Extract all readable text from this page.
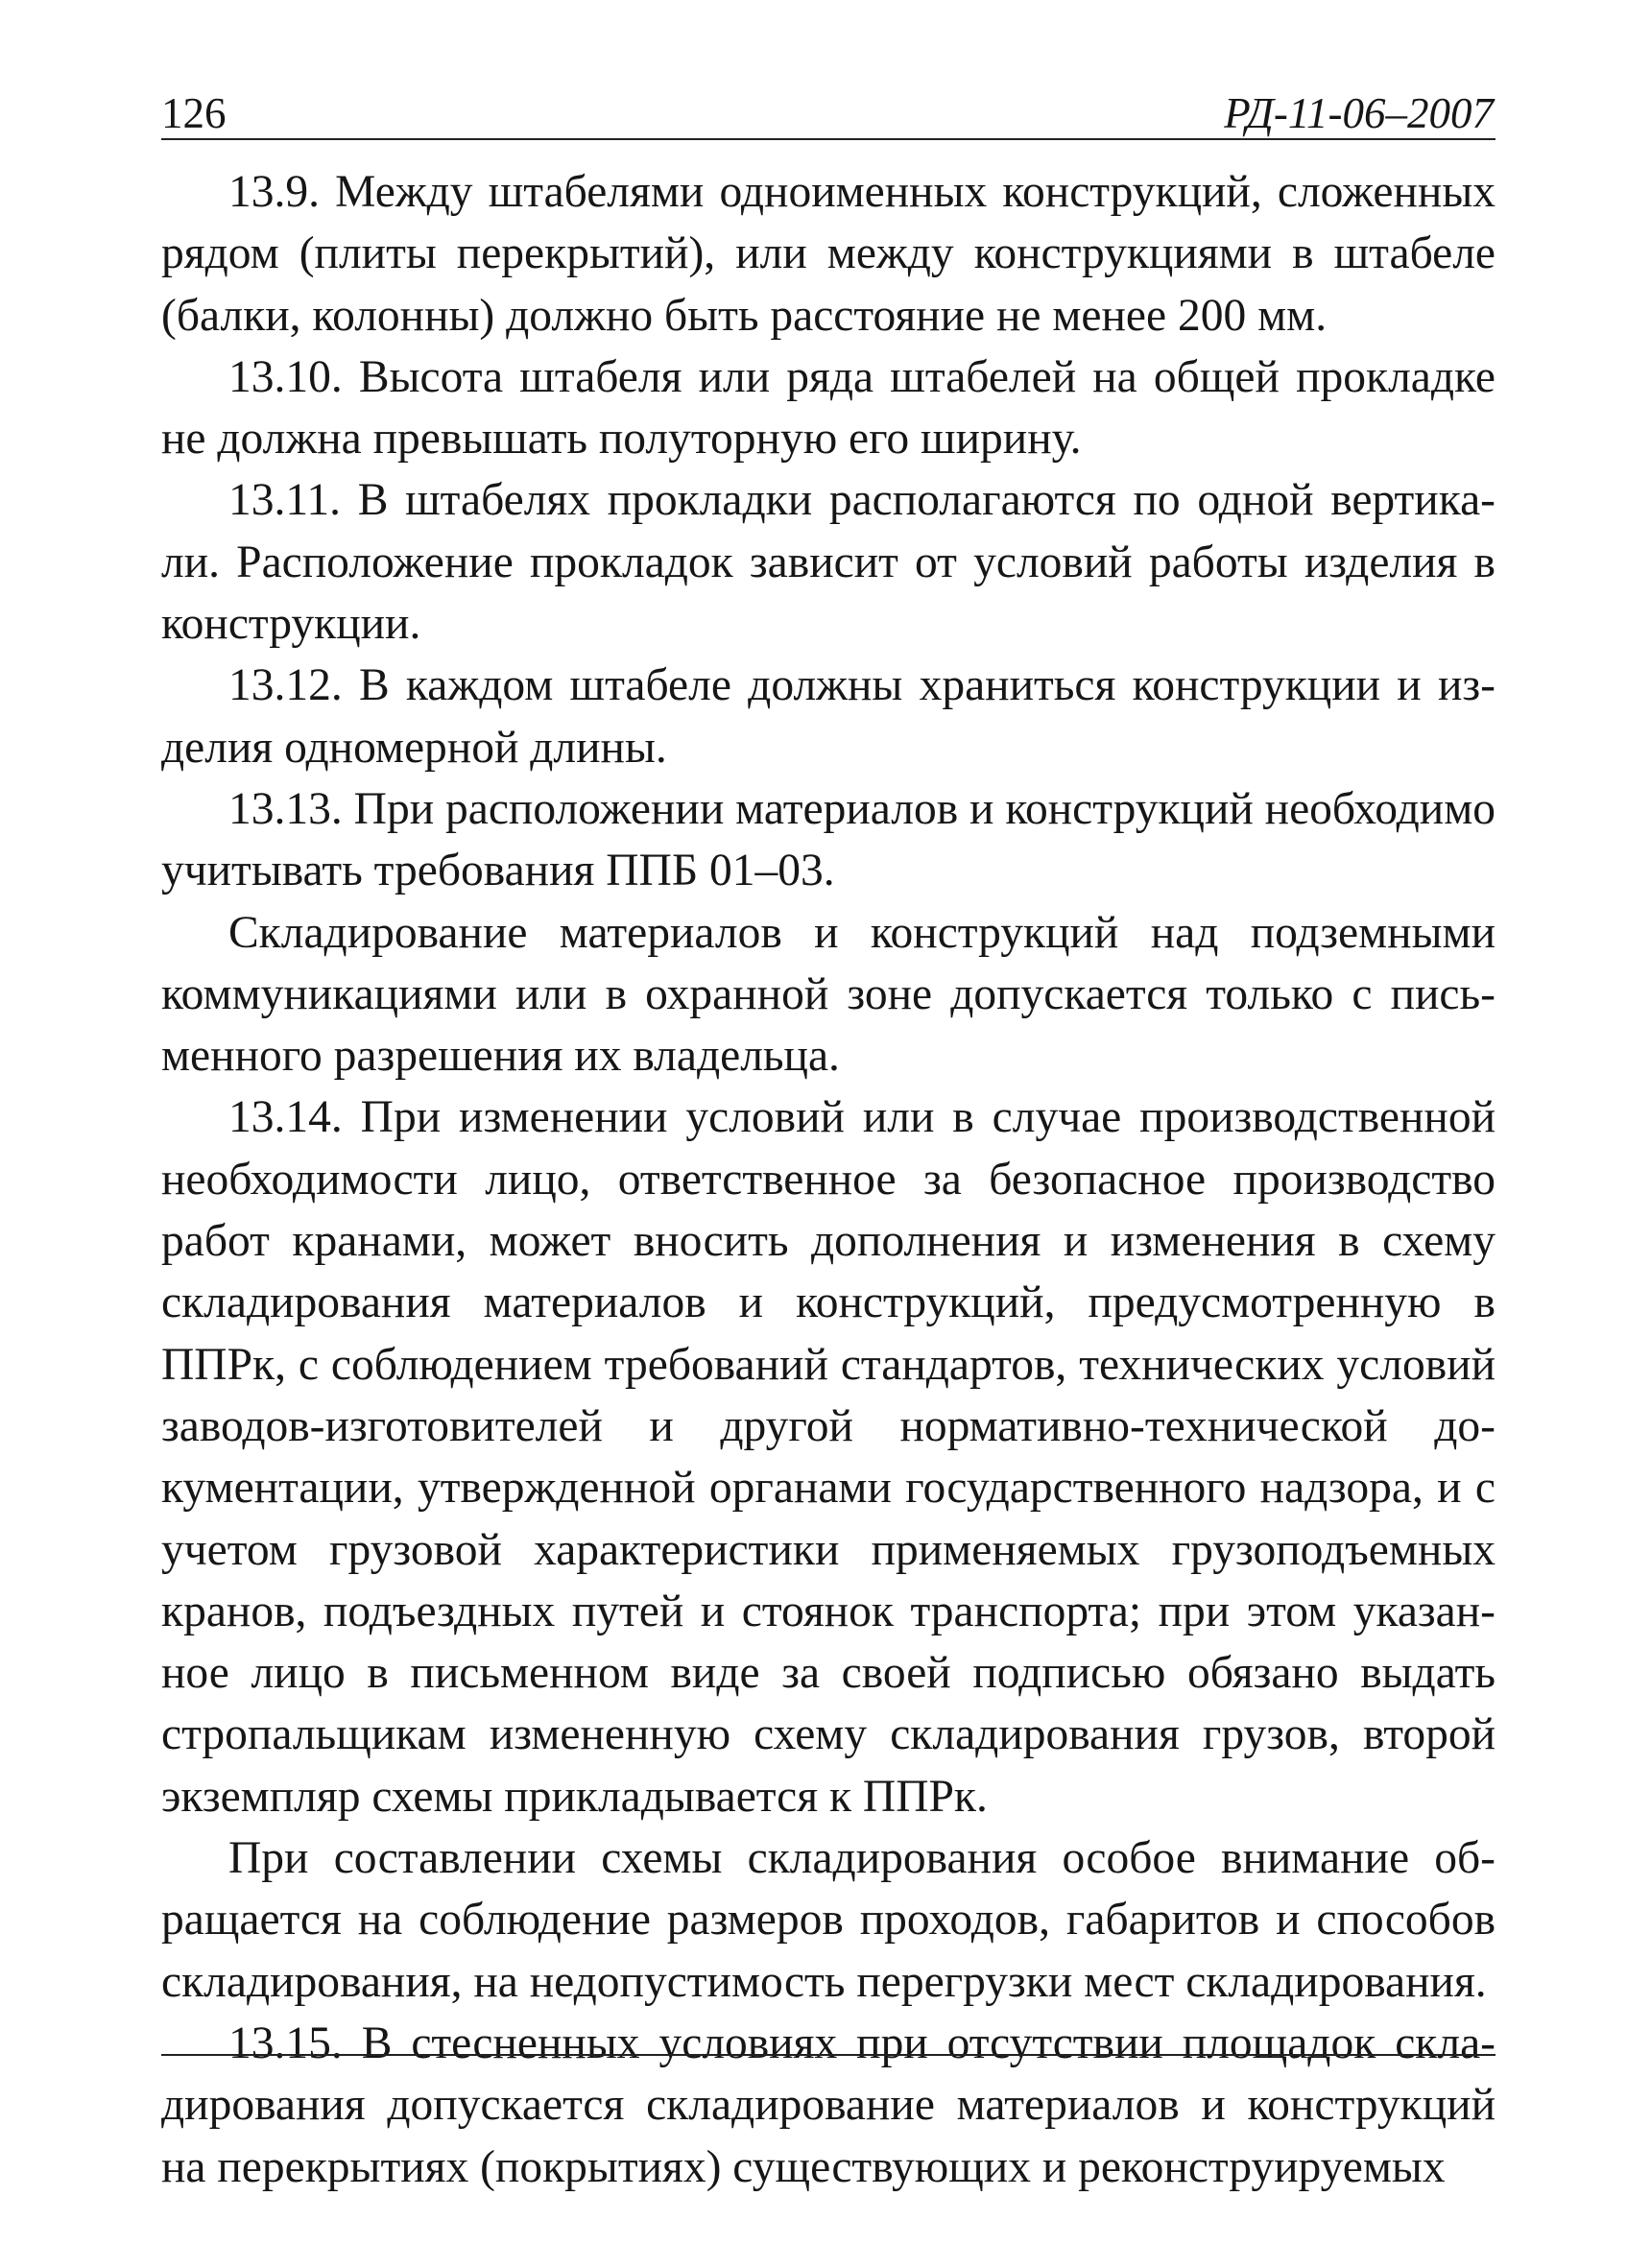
126	РД-11-06–2007

13.9. Между штабелями одноименных конструкций, сложенных рядом (плиты перекрытий), или между конструкциями в штабеле (балки, колонны) должно быть расстояние не менее 200 мм.

13.10. Высота штабеля или ряда штабелей на общей прокладке не должна превышать полуторную его ширину.

13.11. В штабелях прокладки располагаются по одной вертикали. Расположение прокладок зависит от условий работы изделия в конструкции.

13.12. В каждом штабеле должны храниться конструкции и изделия одномерной длины.

13.13. При расположении материалов и конструкций необходимо учитывать требования ППБ 01–03.

Складирование материалов и конструкций над подземными коммуникациями или в охранной зоне допускается только с письменного разрешения их владельца.

13.14. При изменении условий или в случае производственной необходимости лицо, ответственное за безопасное производство работ кранами, может вносить дополнения и изменения в схему складирования материалов и конструкций, предусмотренную в ППРк, с соблюдением требований стандартов, технических условий заводов-изготовителей и другой нормативно-технической документации, утвержденной органами государственного надзора, и с учетом грузовой характеристики применяемых грузоподъемных кранов, подъездных путей и стоянок транспорта; при этом указанное лицо в письменном виде за своей подписью обязано выдать стропальщикам измененную схему складирования грузов, второй экземпляр схемы прикладывается к ППРк.

При составлении схемы складирования особое внимание обращается на соблюдение размеров проходов, габаритов и способов складирования, на недопустимость перегрузки мест складирования.

13.15. В стесненных условиях при отсутствии площадок складирования допускается складирование материалов и конструкций на перекрытиях (покрытиях) существующих и реконструируемых
